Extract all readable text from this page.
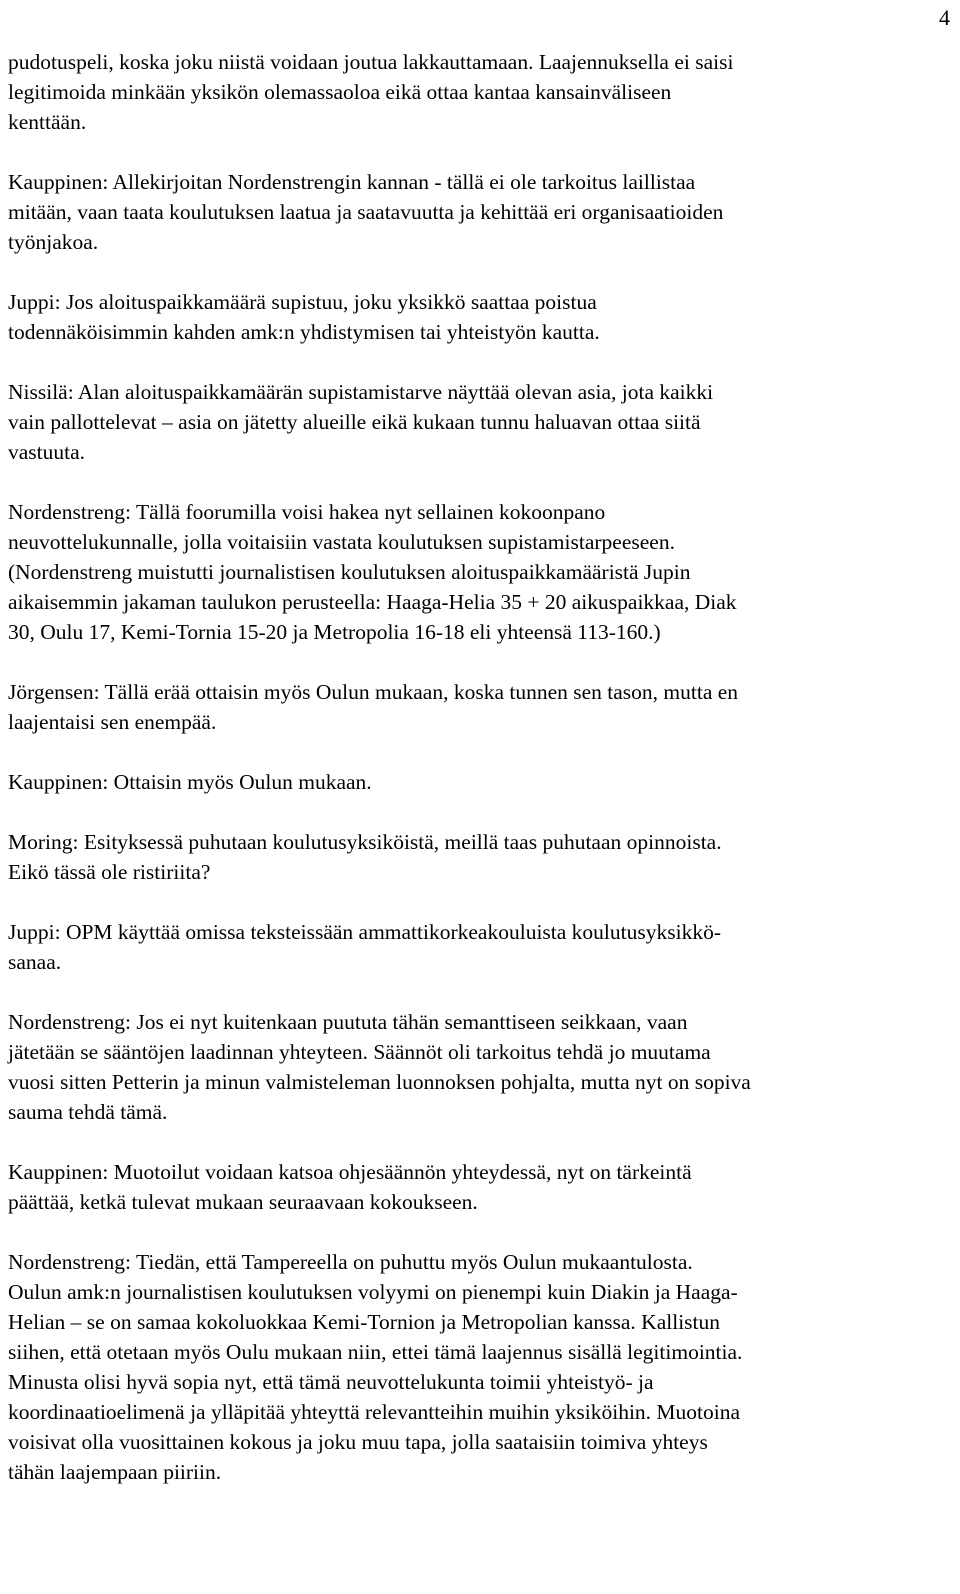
4

pudotuspeli, koska joku niistä voidaan joutua lakkauttamaan. Laajennuksella ei saisi
legitimoida minkään yksikön olemassaoloa eikä ottaa kantaa kansainväliseen
kenttään.

Kauppinen: Allekirjoitan Nordenstrengin kannan - tällä ei ole tarkoitus laillistaa
mitään, vaan taata koulutuksen laatua ja saatavuutta ja kehittää eri organisaatioiden
työnjakoa.

Juppi: Jos aloituspaikkamäärä supistuu, joku yksikkö saattaa poistua
todennäköisimmin kahden amk:n yhdistymisen tai yhteistyön kautta.

Nissilä: Alan aloituspaikkamäärän supistamistarve näyttää olevan asia, jota kaikki
vain pallottelevat – asia on jätetty alueille eikä kukaan tunnu haluavan ottaa siitä
vastuuta.

Nordenstreng: Tällä foorumilla voisi hakea nyt sellainen kokoonpano
neuvottelukunnalle, jolla voitaisiin vastata koulutuksen supistamistarpeeseen.
(Nordenstreng muistutti journalistisen koulutuksen aloituspaikkamääristä Jupin
aikaisemmin jakaman taulukon perusteella: Haaga-Helia 35 + 20 aikuspaikkaa, Diak
30, Oulu 17, Kemi-Tornia 15-20 ja Metropolia 16-18 eli yhteensä 113-160.)

Jörgensen: Tällä erää ottaisin myös Oulun mukaan, koska tunnen sen tason, mutta en
laajentaisi sen enempää.

Kauppinen: Ottaisin myös Oulun mukaan.

Moring: Esityksessä puhutaan koulutusyksiköistä, meillä taas puhutaan opinnoista.
Eikö tässä ole ristiriita?

Juppi: OPM käyttää omissa teksteissään ammattikorkeakouluista koulutusyksikkö-
sanaa.

Nordenstreng: Jos ei nyt kuitenkaan puututa tähän semanttiseen seikkaan, vaan
jätetään se sääntöjen laadinnan yhteyteen. Säännöt oli tarkoitus tehdä jo muutama
vuosi sitten Petterin ja minun valmisteleman luonnoksen pohjalta, mutta nyt on sopiva
sauma tehdä tämä.

Kauppinen: Muotoilut voidaan katsoa ohjesäännön yhteydessä, nyt on tärkeintä
päättää, ketkä tulevat mukaan seuraavaan kokoukseen.

Nordenstreng: Tiedän, että Tampereella on puhuttu myös Oulun mukaantulosta.
Oulun amk:n journalistisen koulutuksen volyymi on pienempi kuin Diakin ja Haaga-
Helian – se on samaa kokoluokkaa Kemi-Tornion ja Metropolian kanssa. Kallistun
siihen, että otetaan myös Oulu mukaan niin, ettei tämä laajennus sisällä legitimointia.
Minusta olisi hyvä sopia nyt, että tämä neuvottelukunta toimii yhteistyö- ja
koordinaatioelimenä ja ylläpitää yhteyttä relevantteihin muihin yksiköihin. Muotoina
voisivat olla vuosittainen kokous ja joku muu tapa, jolla saataisiin toimiva yhteys
tähän laajempaan piiriin.
